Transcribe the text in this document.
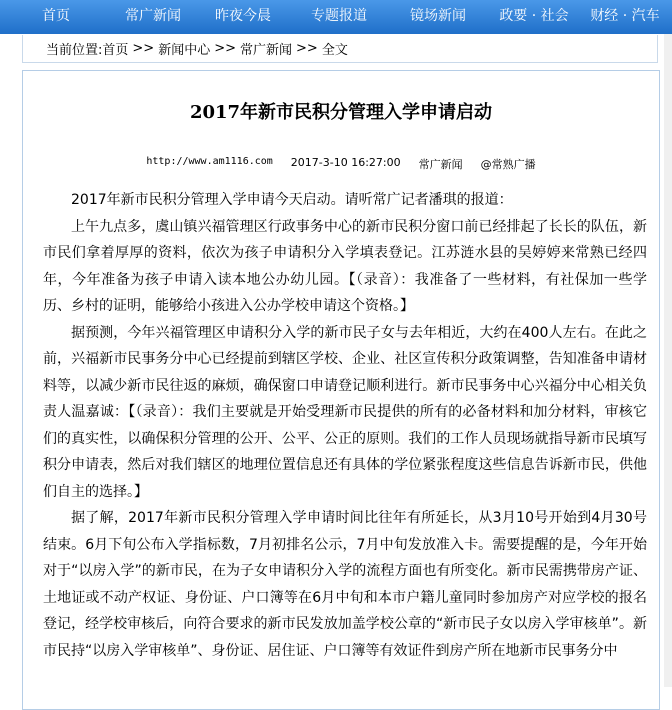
首页	常广新闻	昨夜今晨	专题报道	镜场新闻	政要 · 社会	财经 · 汽车
当前位置: 首页 >> 新闻中心 >> 常广新闻 >> 全文
2017年新市民积分管理入学申请启动
http://www.am1116.com 2017-3-10 16:27:00 常广新闻 @常熟广播

2017年新市民积分管理入学申请今天启动。请听常广记者潘琪的报道：

上午九点多，虞山镇兴福管理区行政事务中心的新市民积分窗口前已经排起了长长的队伍，新市民们拿着厚厚的资料，依次为孩子申请积分入学填表登记。江苏涟水县的吴婷婷来常熟已经四年，今年准备为孩子申请入读本地公办幼儿园。【（录音）：我准备了一些材料，有社保加一些学历、乡村的证明，能够给小孩进入公办学校申请这个资格。】

据预测，今年兴福管理区申请积分入学的新市民子女与去年相近，大约在400人左右。在此之前，兴福新市民事务分中心已经提前到辖区学校、企业、社区宣传积分政策调整，告知准备申请材料等，以减少新市民往返的麻烦，确保窗口申请登记顺利进行。新市民事务中心兴福分中心相关负责人温嘉诚：【（录音）：我们主要就是开始受理新市民提供的所有的必备材料和加分材料，审核它们的真实性，以确保积分管理的公开、公平、公正的原则。我们的工作人员现场就指导新市民填写积分申请表，然后对我们辖区的地理位置信息还有具体的学位紧张程度这些信息告诉新市民，供他们自主的选择。】

据了解，2017年新市民积分管理入学申请时间比往年有所延长，从3月10号开始到4月30号结束。6月下旬公布入学指标数，7月初排名公示，7月中旬发放准入卡。需要提醒的是，今年开始对于“以房入学”的新市民，在为子女申请积分入学的流程方面也有所变化。新市民需携带房产证、土地证或不动产权证、身份证、户口簿等在6月中旬和本市户籍儿童同时参加房产对应学校的报名登记，经学校审核后，向符合要求的新市民发放加盖学校公章的“新市民子女以房入学审核单”。新市民持“以房入学审核单”、身份证、居住证、户口簿等有效证件到房产所在地新市民事务分中
